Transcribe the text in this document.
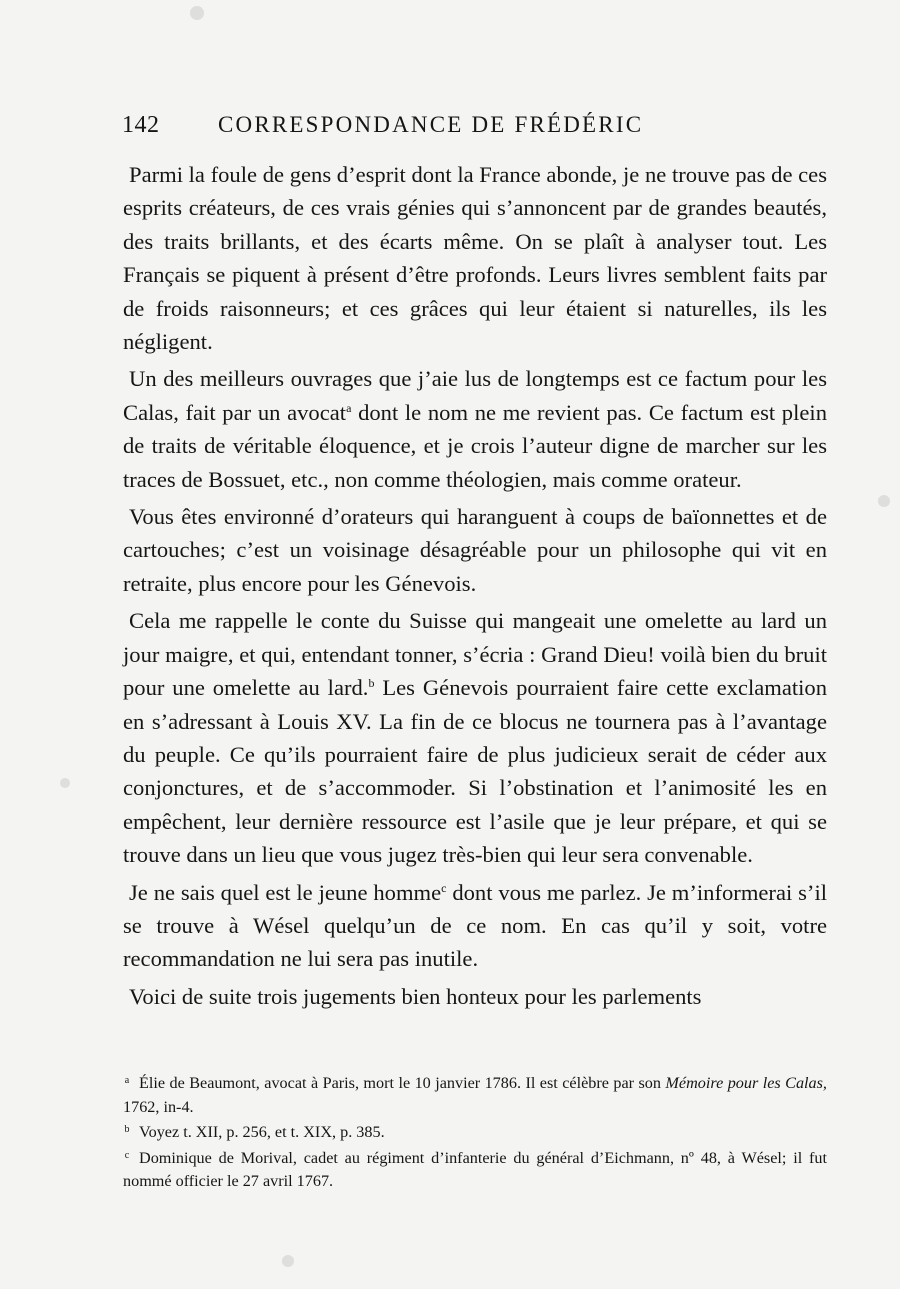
142	CORRESPONDANCE DE FRÉDÉRIC

Parmi la foule de gens d’esprit dont la France abonde, je ne trouve pas de ces esprits créateurs, de ces vrais génies qui s’annoncent par de grandes beautés, des traits brillants, et des écarts même. On se plaît à analyser tout. Les Français se piquent à présent d’être profonds. Leurs livres semblent faits par de froids raisonneurs; et ces grâces qui leur étaient si naturelles, ils les négligent.

Un des meilleurs ouvrages que j’aie lus de longtemps est ce factum pour les Calas, fait par un avocat$^a$ dont le nom ne me revient pas. Ce factum est plein de traits de véritable éloquence, et je crois l’auteur digne de marcher sur les traces de Bossuet, etc., non comme théologien, mais comme orateur.

Vous êtes environné d’orateurs qui haranguent à coups de baïonnettes et de cartouches; c’est un voisinage désagréable pour un philosophe qui vit en retraite, plus encore pour les Génevois.

Cela me rappelle le conte du Suisse qui mangeait une omelette au lard un jour maigre, et qui, entendant tonner, s’écria : Grand Dieu! voilà bien du bruit pour une omelette au lard.$^b$ Les Génevois pourraient faire cette exclamation en s’adressant à Louis XV. La fin de ce blocus ne tournera pas à l’avantage du peuple. Ce qu’ils pourraient faire de plus judicieux serait de céder aux conjonctures, et de s’accommoder. Si l’obstination et l’animosité les en empêchent, leur dernière ressource est l’asile que je leur prépare, et qui se trouve dans un lieu que vous jugez très-bien qui leur sera convenable.

Je ne sais quel est le jeune homme$^c$ dont vous me parlez. Je m’informerai s’il se trouve à Wésel quelqu’un de ce nom. En cas qu’il y soit, votre recommandation ne lui sera pas inutile.

Voici de suite trois jugements bien honteux pour les parlements

a Élie de Beaumont, avocat à Paris, mort le 10 janvier 1786. Il est célèbre par son Mémoire pour les Calas, 1762, in-4.

b Voyez t. XII, p. 256, et t. XIX, p. 385.

c Dominique de Morival, cadet au régiment d’infanterie du général d’Eichmann, nº 48, à Wésel; il fut nommé officier le 27 avril 1767.
